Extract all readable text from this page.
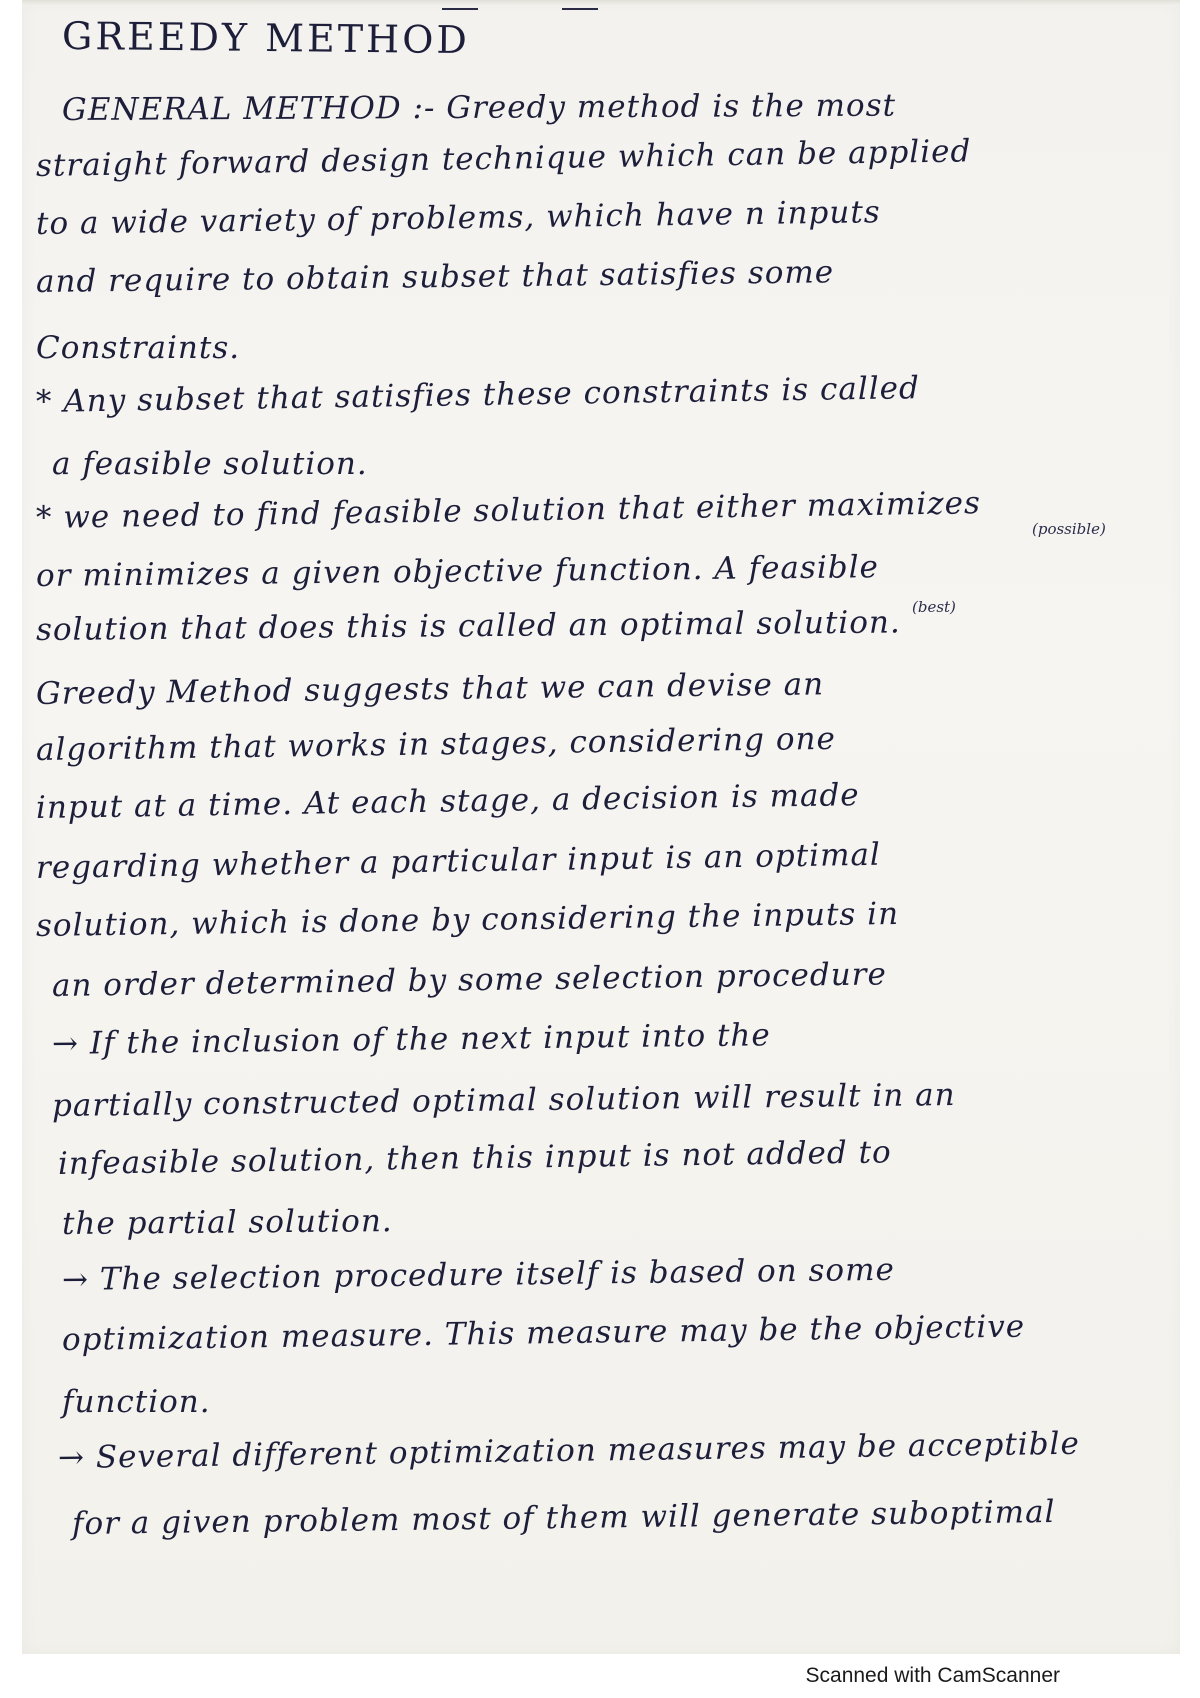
GREEDY METHOD
GENERAL METHOD :- Greedy method is the most
straight forward design technique which can be applied
to a wide variety of problems, which have n inputs
and require to obtain subset that satisfies some
Constraints.
* Any subset that satisfies these constraints is called
a feasible solution.
* we need to find feasible solution that either maximizes
or minimizes a given objective function. A feasible
solution that does this is called an optimal solution.
Greedy Method suggests that we can devise an
algorithm that works in stages, considering one
input at a time. At each stage, a decision is made
regarding whether a particular input is an optimal
solution, which is done by considering the inputs in
an order determined by some selection procedure
→ If the inclusion of the next input into the
partially constructed optimal solution will result in an
infeasible solution, then this input is not added to
the partial solution.
→ The selection procedure itself is based on some
optimization measure. This measure may be the objective
function.
→ Several different optimization measures may be acceptible
for a given problem most of them will generate suboptimal
(possible)
(best)
Scanned with CamScanner
